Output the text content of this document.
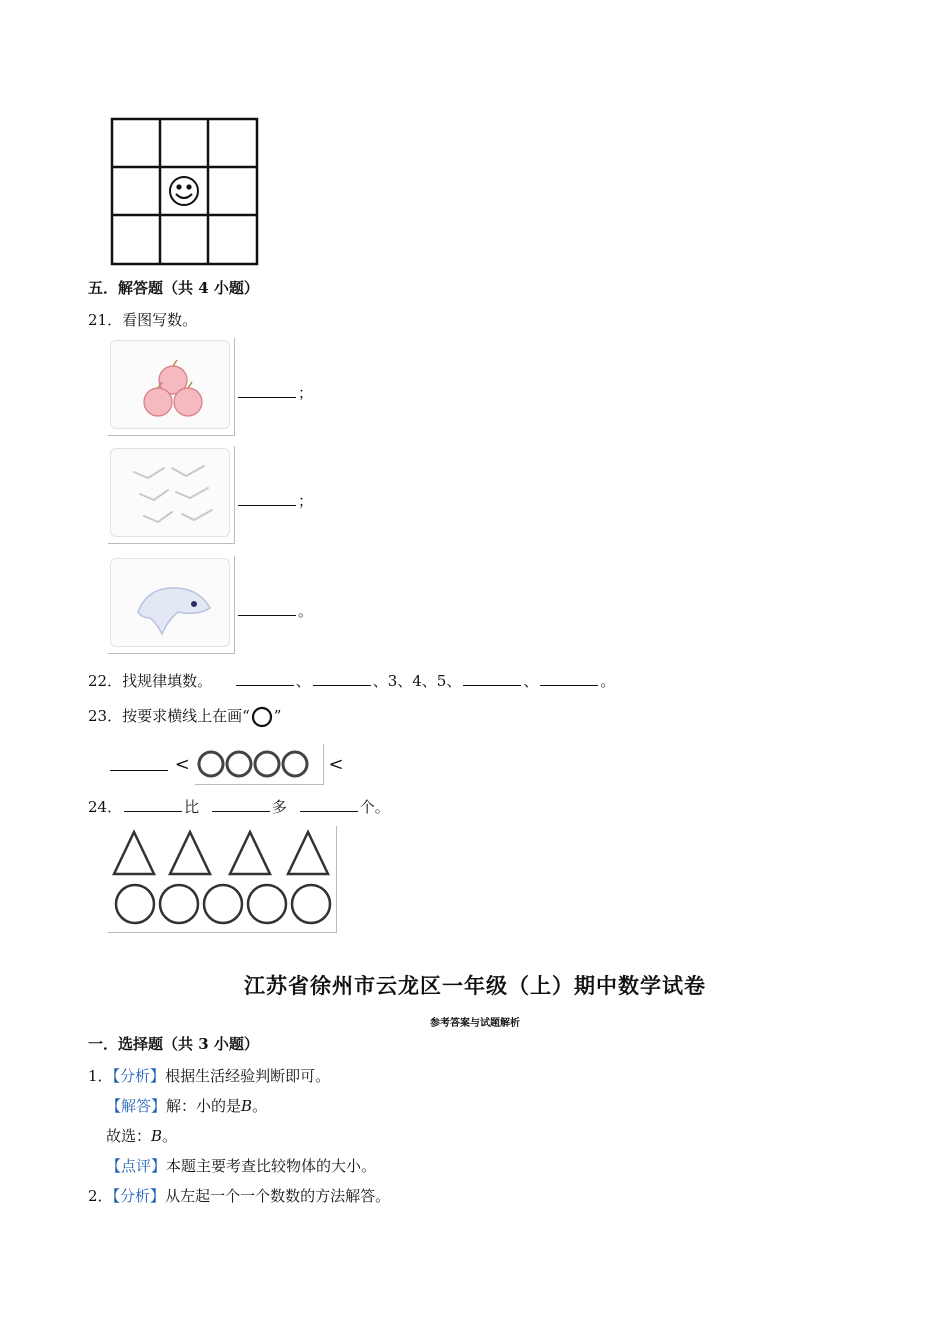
五．解答题（共 4 小题）
21．看图写数。
；
；
。
22．找规律填数。	、	、3、4、5、	、	。
23．按要求横线上在画“ ”
<	<
24．	比	多	个。
江苏省徐州市云龙区一年级（上）期中数学试卷
参考答案与试题解析
一．选择题（共 3 小题）
1．【分析】根据生活经验判断即可。
【解答】解：小的是B。
故选：B。
【点评】本题主要考查比较物体的大小。
2．【分析】从左起一个一个数数的方法解答。
